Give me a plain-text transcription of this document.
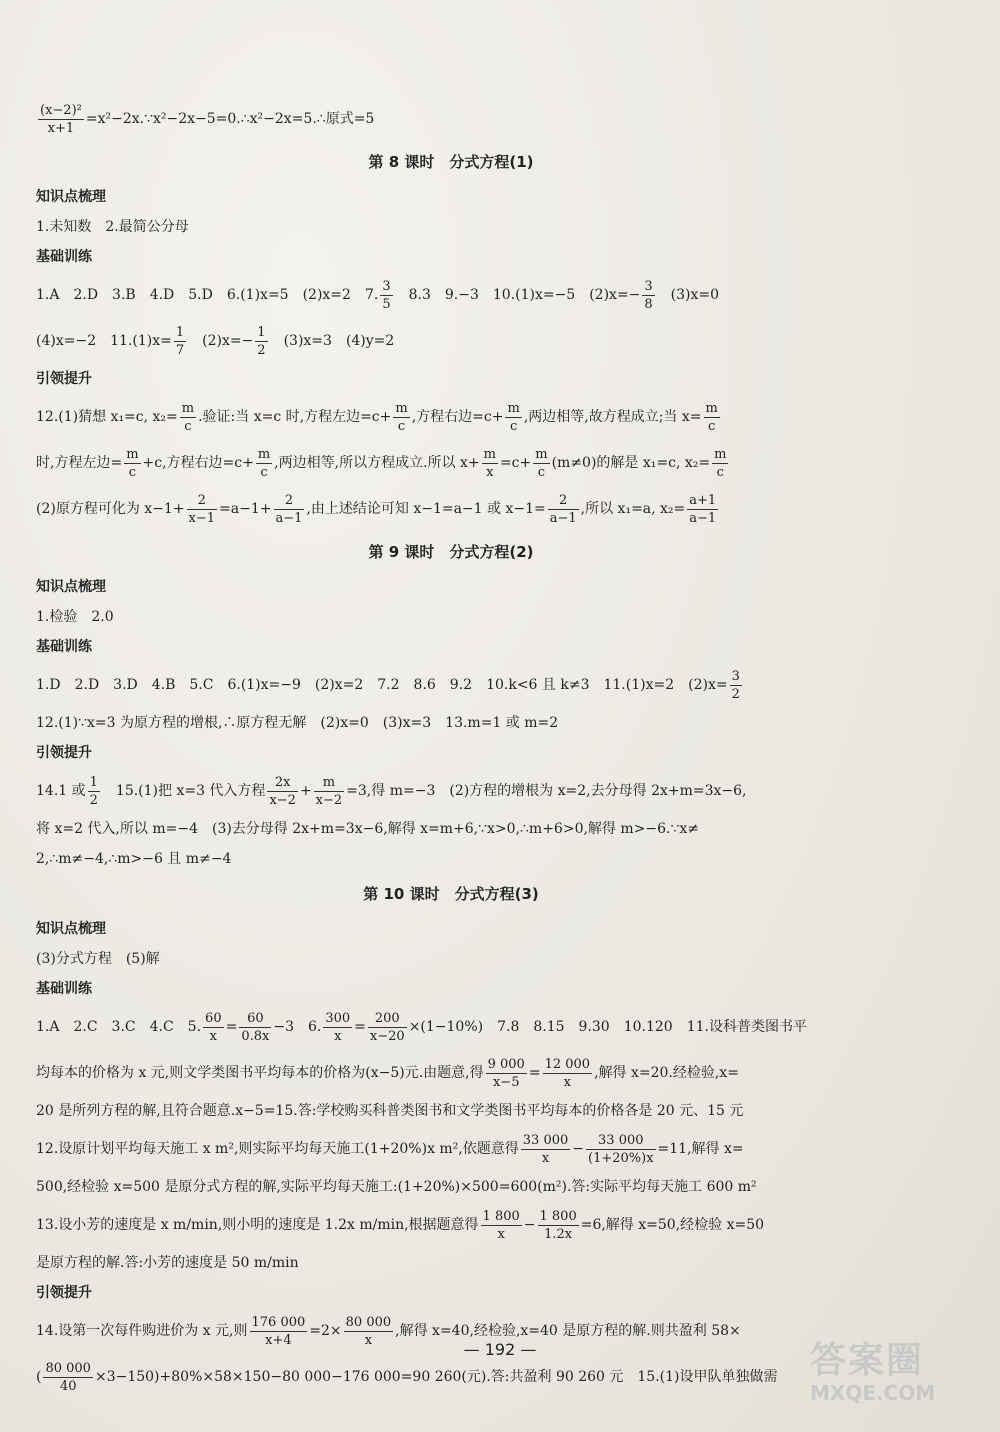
$\frac{\text{(x−2)²}}{x+1}$ =x²−2x.∵x²−2x−5=0.∴x²−2x=5.∴原式=5
第 8 课时　分式方程(1)
知识点梳理
1.未知数　2.最简公分母
基础训练
1.A　2.D　3.B　4.D　5.D　6.(1)x=5　(2)x=2　7. $\frac{3}{5}$ 　8.3　9.−3　10.(1)x=−5　$(2)x=- \frac{3}{8}$ 　(3)x=0
(4)x=−2　$11.(1)x= \frac{1}{7}$ 　$(2)x=- \frac{1}{2}$ 　(3)x=3　(4)y=2
引领提升
12.(1)猜想 x₁=c, $x_2= \frac{m}{c}$ .验证:当 x=c 时,方程左边$=c+ \frac{m}{c}$ ,方程右边$=c+ \frac{m}{c}$ ,两边相等,故方程成立;当 $x= \frac{m}{c}$
时,方程左边= $\frac{m}{c} +c$,方程右边$=c+ \frac{m}{c}$ ,两边相等,所以方程成立.所以 $x+ \frac{m}{x} =c+ \frac{m}{c} (m\ne 0)$的解是 x₁=c, $x_2= \frac{m}{c}$
(2)原方程可化为 $x-1+ \frac{2}{x-1} =a-1+ \frac{2}{a-1}$ ,由上述结论可知 x−1=a−1 或 $x-1= \frac{2}{a-1}$ ,所以 x₁=a, $x_2= \frac{a+1}{a-1}$
第 9 课时　分式方程(2)
知识点梳理
1.检验　2.0
基础训练
1.D　2.D　3.D　4.B　5.C　6.(1)x=−9　(2)x=2　7.2　8.6　9.2　10.k<6 且 k≠3　11.(1)x=2　$(2)x= \frac{3}{2}$
12.(1)∵x=3 为原方程的增根,∴原方程无解　(2)x=0　(3)x=3　13.m=1 或 m=2
引领提升
14.1 或 $\frac{1}{2}$ 　15.(1)把 x=3 代入方程 $\frac{2x}{x-2} + \frac{m}{x-2} =3$,得 m=−3　(2)方程的增根为 x=2,去分母得 2x+m=3x−6,
将 x=2 代入,所以 m=−4　(3)去分母得 2x+m=3x−6,解得 x=m+6,∵x>0,∴m+6>0,解得 m>−6.∵x≠
2,∴m≠−4,∴m>−6 且 m≠−4
第 10 课时　分式方程(3)
知识点梳理
(3)分式方程　(5)解
基础训练
1.A　2.C　3.C　4.C　5. $\frac{60}{x} = \frac{60}{0.8x} -3$　6. $\frac{300}{x} = \frac{200}{x-20} \times(1-10\%)$　7.8　8.15　9.30　10.120　11.设科普类图书平
均每本的价格为 x 元,则文学类图书平均每本的价格为(x−5)元.由题意,得 $\frac{9 000}{x-5} = \frac{12 000}{x}$ ,解得 x=20.经检验,x=
20 是所列方程的解,且符合题意.x−5=15.答:学校购买科普类图书和文学类图书平均每本的价格各是 20 元、15 元
12.设原计划平均每天施工 x m²,则实际平均每天施工(1+20%)x m²,依题意得 $\frac{33 000}{x} - \frac{33 000}{(1+20\%)x} =11$,解得 x=
500,经检验 x=500 是原分式方程的解,实际平均每天施工:(1+20%)×500=600(m²).答:实际平均每天施工 600 m²
13.设小芳的速度是 x m/min,则小明的速度是 1.2x m/min,根据题意得 $\frac{1 800}{x} - \frac{1 800}{1.2x} =6$,解得 x=50,经检验 x=50
是原方程的解.答:小芳的速度是 50 m/min
引领提升
14.设第一次每件购进价为 x 元,则 $\frac{176 000}{x+4} =2\times \frac{80 000}{x}$ ,解得 x=40,经检验,x=40 是原方程的解.则共盈利 58×
( $\frac{80 000}{40} \times 3-150)+80\%\times 58\times 150-80$ 000−176 000=90 260(元).答:共盈利 90 260 元　15.(1)设甲队单独做需
— 192 —	答案圈
MXQE.COM
